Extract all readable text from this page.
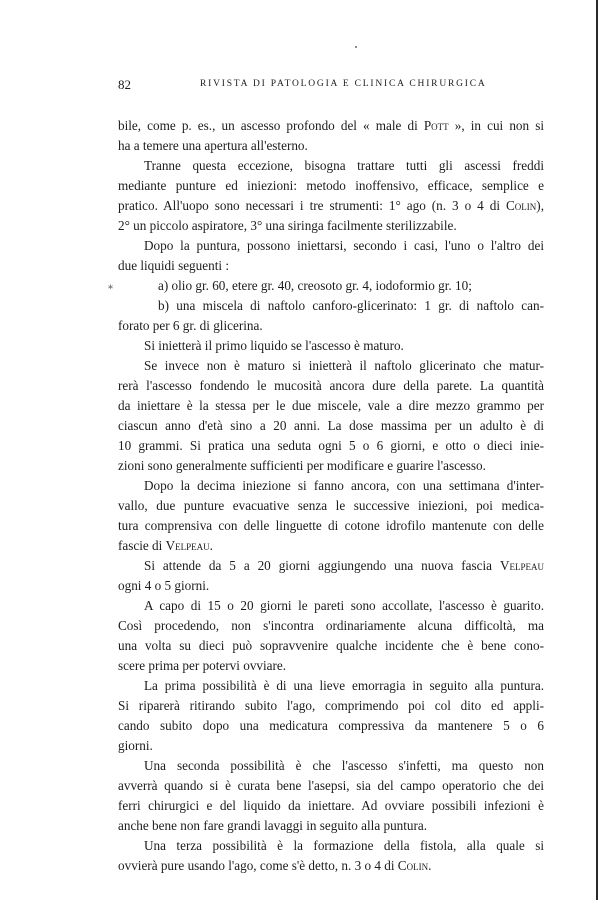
82	RIVISTA DI PATOLOGIA E CLINICA CHIRURGICA
*
bile, come p. es., un ascesso profondo del « male di Pott », in cui non si
ha a temere una apertura all'esterno.
Tranne questa eccezione, bisogna trattare tutti gli ascessi freddi
mediante punture ed iniezioni: metodo inoffensivo, efficace, semplice e
pratico. All'uopo sono necessari i tre strumenti: 1° ago (n. 3 o 4 di Colin),
2° un piccolo aspiratore, 3° una siringa facilmente sterilizzabile.
Dopo la puntura, possono iniettarsi, secondo i casi, l'uno o l'altro dei
due liquidi seguenti :
a) olio gr. 60, etere gr. 40, creosoto gr. 4, iodoformio gr. 10;
b) una miscela di naftolo canforo-glicerinato: 1 gr. di naftolo can-
forato per 6 gr. di glicerina.
Si inietterà il primo liquido se l'ascesso è maturo.
Se invece non è maturo si inietterà il naftolo glicerinato che matur-
rerà l'ascesso fondendo le mucosità ancora dure della parete. La quantità
da iniettare è la stessa per le due miscele, vale a dire mezzo grammo per
ciascun anno d'età sino a 20 anni. La dose massima per un adulto è di
10 grammi. Si pratica una seduta ogni 5 o 6 giorni, e otto o dieci inie-
zioni sono generalmente sufficienti per modificare e guarire l'ascesso.
Dopo la decima iniezione si fanno ancora, con una settimana d'inter-
vallo, due punture evacuative senza le successive iniezioni, poi medica-
tura comprensiva con delle linguette di cotone idrofilo mantenute con delle
fascie di Velpeau.
Si attende da 5 a 20 giorni aggiungendo una nuova fascia Velpeau
ogni 4 o 5 giorni.
A capo di 15 o 20 giorni le pareti sono accollate, l'ascesso è guarito.
Così procedendo, non s'incontra ordinariamente alcuna difficoltà, ma
una volta su dieci può sopravvenire qualche incidente che è bene cono-
scere prima per potervi ovviare.
La prima possibilità è di una lieve emorragia in seguito alla puntura.
Si riparerà ritirando subito l'ago, comprimendo poi col dito ed appli-
cando subito dopo una medicatura compressiva da mantenere 5 o 6
giorni.
Una seconda possibilità è che l'ascesso s'infetti, ma questo non
avverrà quando si è curata bene l'asepsi, sia del campo operatorio che dei
ferri chirurgici e del liquido da iniettare. Ad ovviare possibili infezioni è
anche bene non fare grandi lavaggi in seguito alla puntura.
Una terza possibilità è la formazione della fistola, alla quale si
ovvierà pure usando l'ago, come s'è detto, n. 3 o 4 di Colin.
